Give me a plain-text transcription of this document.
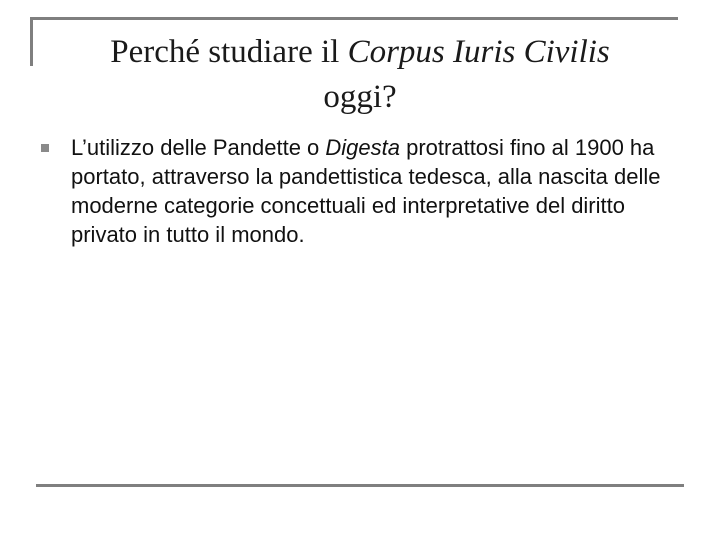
Perché studiare il Corpus Iuris Civilis
oggi?
L’utilizzo delle Pandette o Digesta protrattosi fino al 1900 ha portato, attraverso la pandettistica tedesca, alla nascita delle moderne categorie concettuali ed interpretative del diritto privato in tutto il mondo.
